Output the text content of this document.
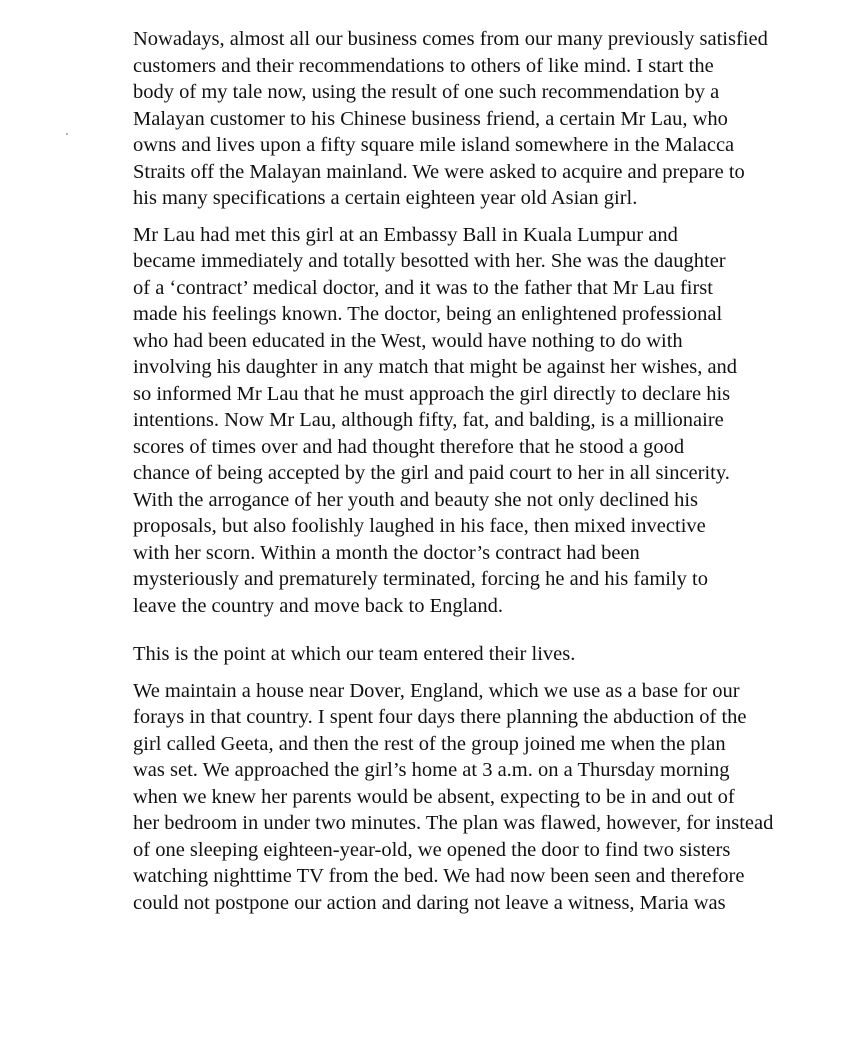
Nowadays, almost all our business comes from our many previously satisfied
customers and their recommendations to others of like mind. I start the
body of my tale now, using the result of one such recommendation by a
Malayan customer to his Chinese business friend, a certain Mr Lau, who
owns and lives upon a fifty square mile island somewhere in the Malacca
Straits off the Malayan mainland. We were asked to acquire and prepare to
his many specifications a certain eighteen year old Asian girl.

Mr Lau had met this girl at an Embassy Ball in Kuala Lumpur and
became immediately and totally besotted with her. She was the daughter
of a ‘contract’ medical doctor, and it was to the father that Mr Lau first
made his feelings known. The doctor, being an enlightened professional
who had been educated in the West, would have nothing to do with
involving his daughter in any match that might be against her wishes, and
so informed Mr Lau that he must approach the girl directly to declare his
intentions. Now Mr Lau, although fifty, fat, and balding, is a millionaire
scores of times over and had thought therefore that he stood a good
chance of being accepted by the girl and paid court to her in all sincerity.
With the arrogance of her youth and beauty she not only declined his
proposals, but also foolishly laughed in his face, then mixed invective
with her scorn. Within a month the doctor’s contract had been
mysteriously and prematurely terminated, forcing he and his family to
leave the country and move back to England.

This is the point at which our team entered their lives.

We maintain a house near Dover, England, which we use as a base for our
forays in that country. I spent four days there planning the abduction of the
girl called Geeta, and then the rest of the group joined me when the plan
was set. We approached the girl’s home at 3 a.m. on a Thursday morning
when we knew her parents would be absent, expecting to be in and out of
her bedroom in under two minutes. The plan was flawed, however, for instead
of one sleeping eighteen-year-old, we opened the door to find two sisters
watching nighttime TV from the bed. We had now been seen and therefore
could not postpone our action and daring not leave a witness, Maria was
